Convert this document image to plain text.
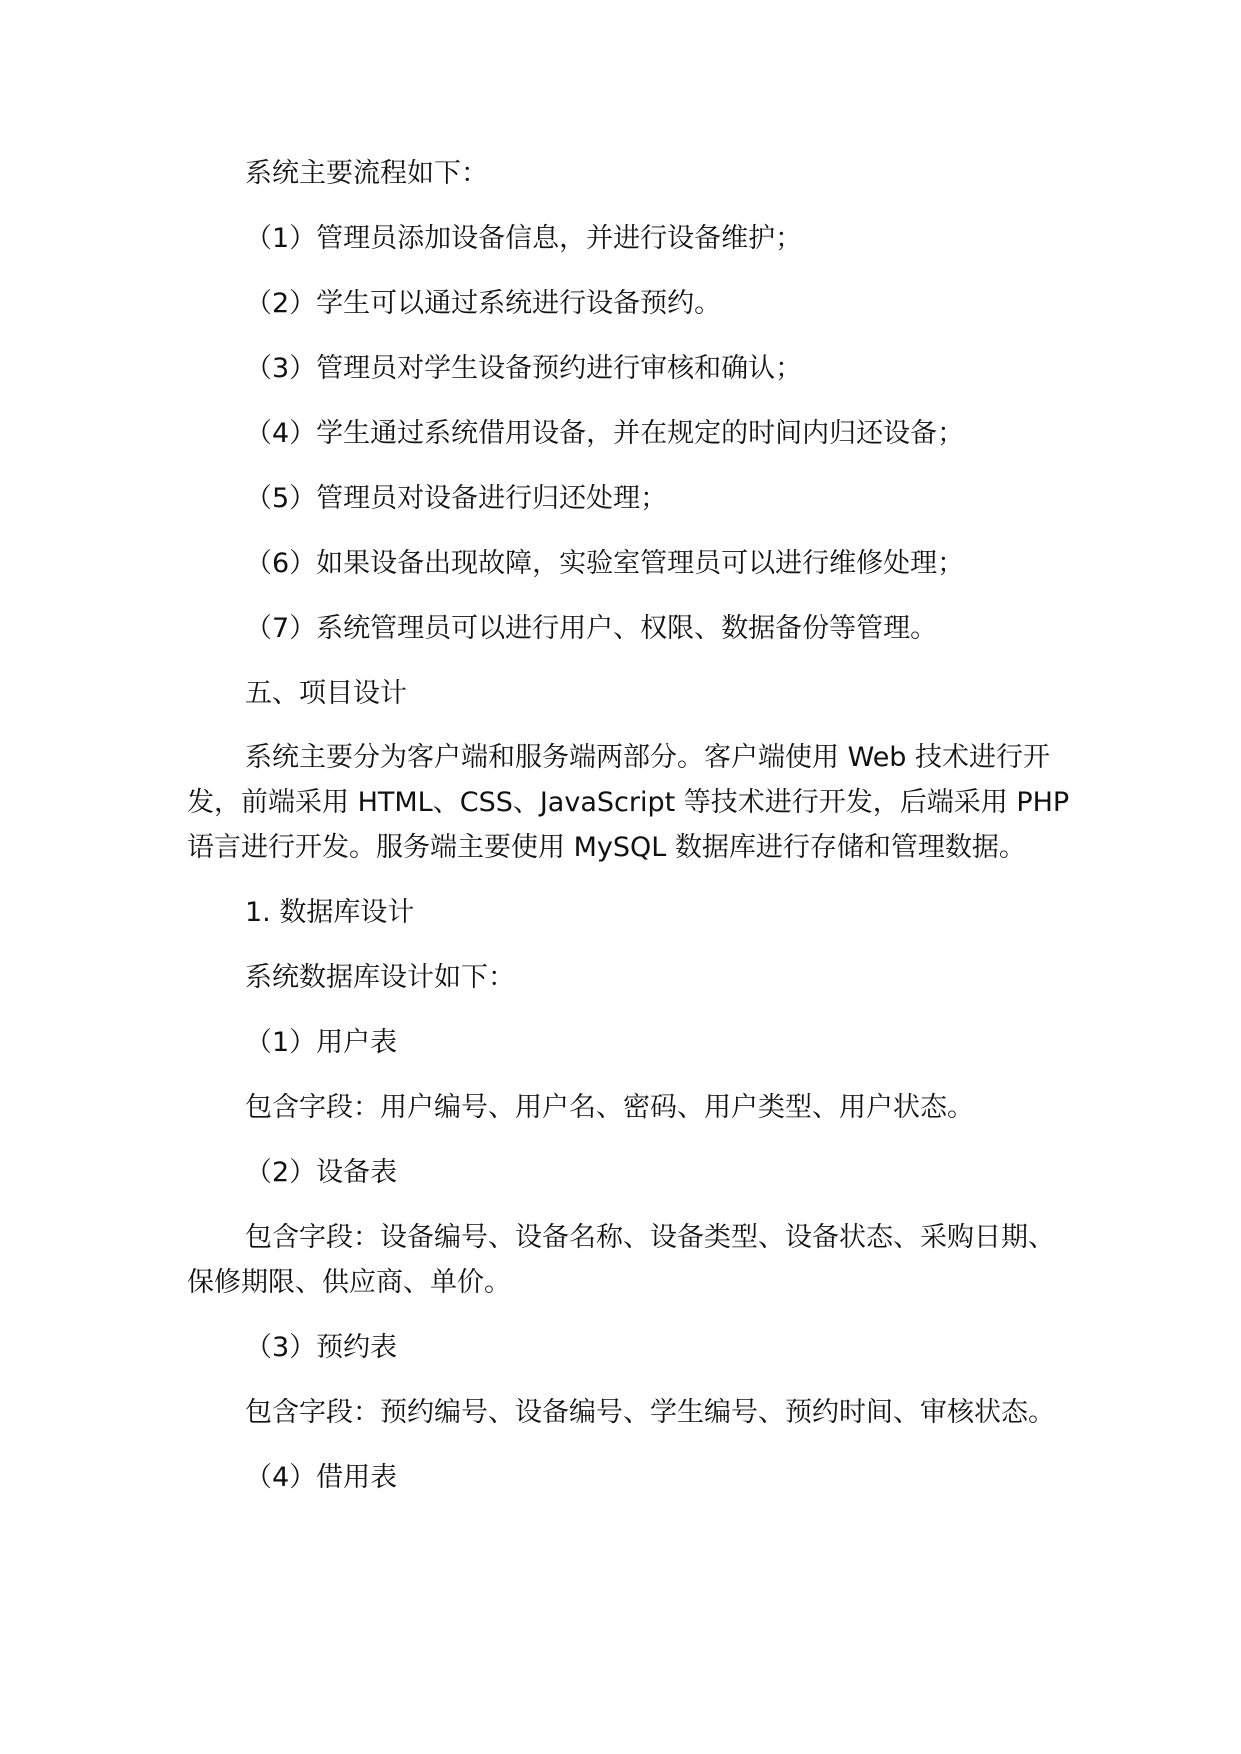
系统主要流程如下：

（1）管理员添加设备信息，并进行设备维护；

（2）学生可以通过系统进行设备预约。

（3）管理员对学生设备预约进行审核和确认；

（4）学生通过系统借用设备，并在规定的时间内归还设备；

（5）管理员对设备进行归还处理；

（6）如果设备出现故障，实验室管理员可以进行维修处理；

（7）系统管理员可以进行用户、权限、数据备份等管理。

五、项目设计

系统主要分为客户端和服务端两部分。客户端使用 Web 技术进行开

发，前端采用 HTML、CSS、JavaScript 等技术进行开发，后端采用 PHP

语言进行开发。服务端主要使用 MySQL 数据库进行存储和管理数据。

1. 数据库设计

系统数据库设计如下：

（1）用户表

包含字段：用户编号、用户名、密码、用户类型、用户状态。

（2）设备表

包含字段：设备编号、设备名称、设备类型、设备状态、采购日期、

保修期限、供应商、单价。

（3）预约表

包含字段：预约编号、设备编号、学生编号、预约时间、审核状态。

（4）借用表
